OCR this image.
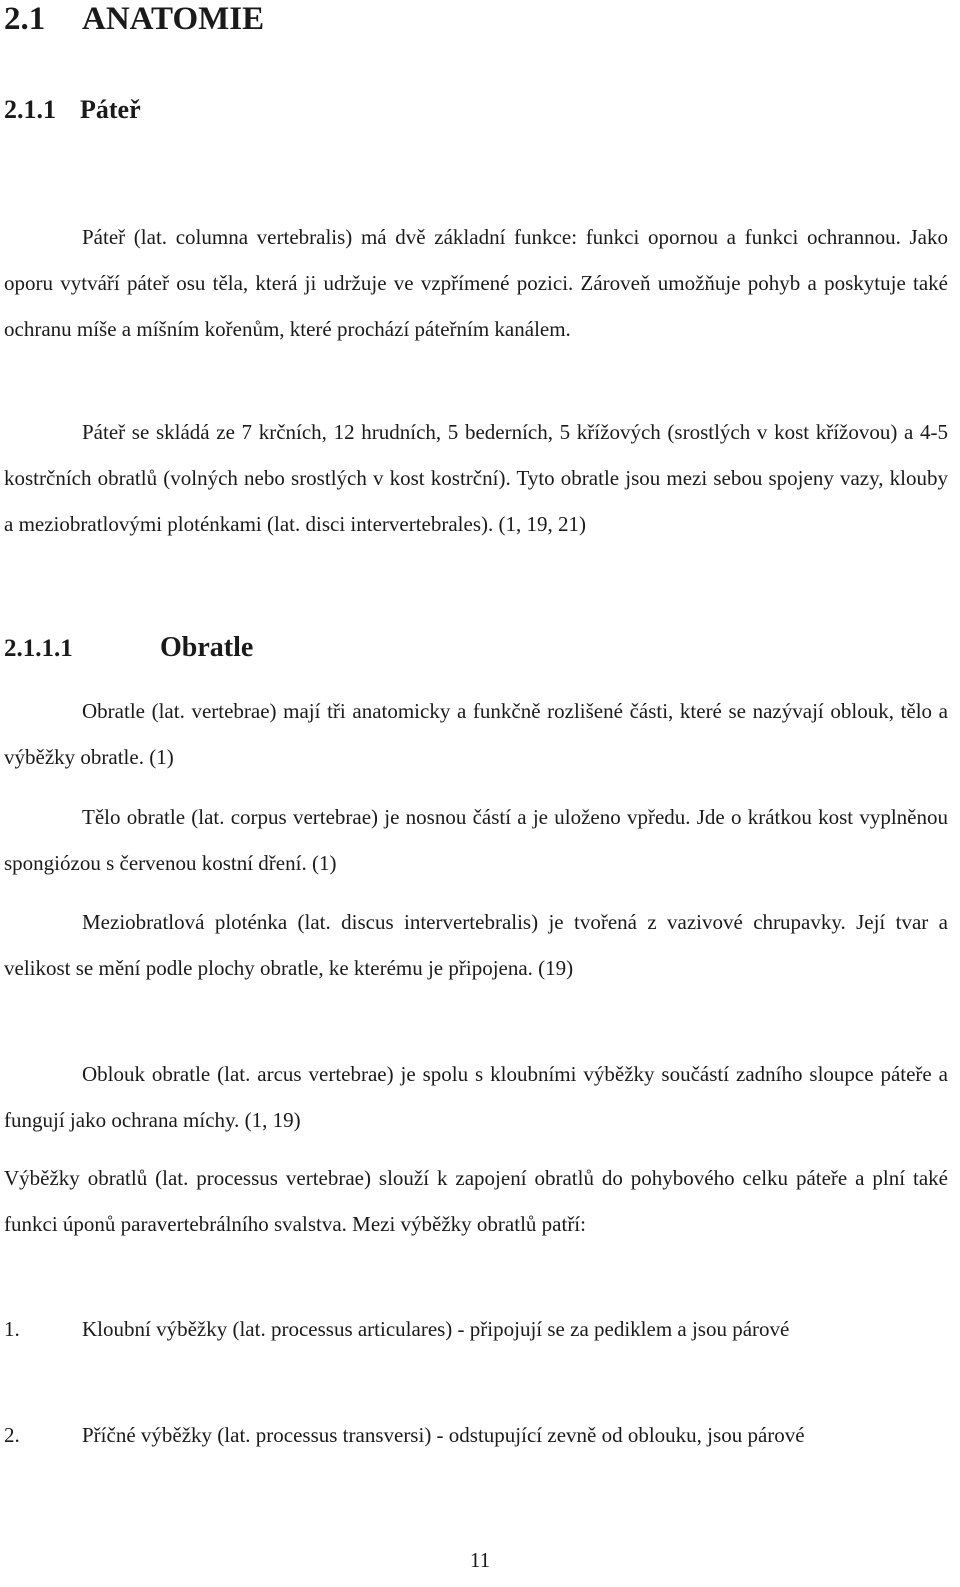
2.1 ANATOMIE
2.1.1 Páteř

Páteř (lat. columna vertebralis) má dvě základní funkce: funkci opornou a funkci ochrannou. Jako oporu vytváří páteř osu těla, která ji udržuje ve vzpřímené pozici. Zároveň umožňuje pohyb a poskytuje také ochranu míše a míšním kořenům, které prochází páteřním kanálem.

Páteř se skládá ze 7 krčních, 12 hrudních, 5 bederních, 5 křížových (srostlých v kost křížovou) a 4-5 kostrčních obratlů (volných nebo srostlých v kost kostrční). Tyto obratle jsou mezi sebou spojeny vazy, klouby a meziobratlovými ploténkami (lat. disci intervertebrales). (1, 19, 21)

2.1.1.1	Obratle

Obratle (lat. vertebrae) mají tři anatomicky a funkčně rozlišené části, které se nazývají oblouk, tělo a výběžky obratle. (1)

Tělo obratle (lat. corpus vertebrae) je nosnou částí a je uloženo vpředu. Jde o krátkou kost vyplněnou spongiózou s červenou kostní dření. (1)

Meziobratlová ploténka (lat. discus intervertebralis) je tvořená z vazivové chrupavky. Její tvar a velikost se mění podle plochy obratle, ke kterému je připojena. (19)

Oblouk obratle (lat. arcus vertebrae) je spolu s kloubními výběžky součástí zadního sloupce páteře a fungují jako ochrana míchy. (1, 19)

Výběžky obratlů (lat. processus vertebrae) slouží k zapojení obratlů do pohybového celku páteře a plní také funkci úponů paravertebrálního svalstva. Mezi výběžky obratlů patří:

1.	Kloubní výběžky (lat. processus articulares) - připojují se za pediklem a jsou párové

2.	Příčné výběžky (lat. processus transversi) - odstupující zevně od oblouku, jsou párové

11
